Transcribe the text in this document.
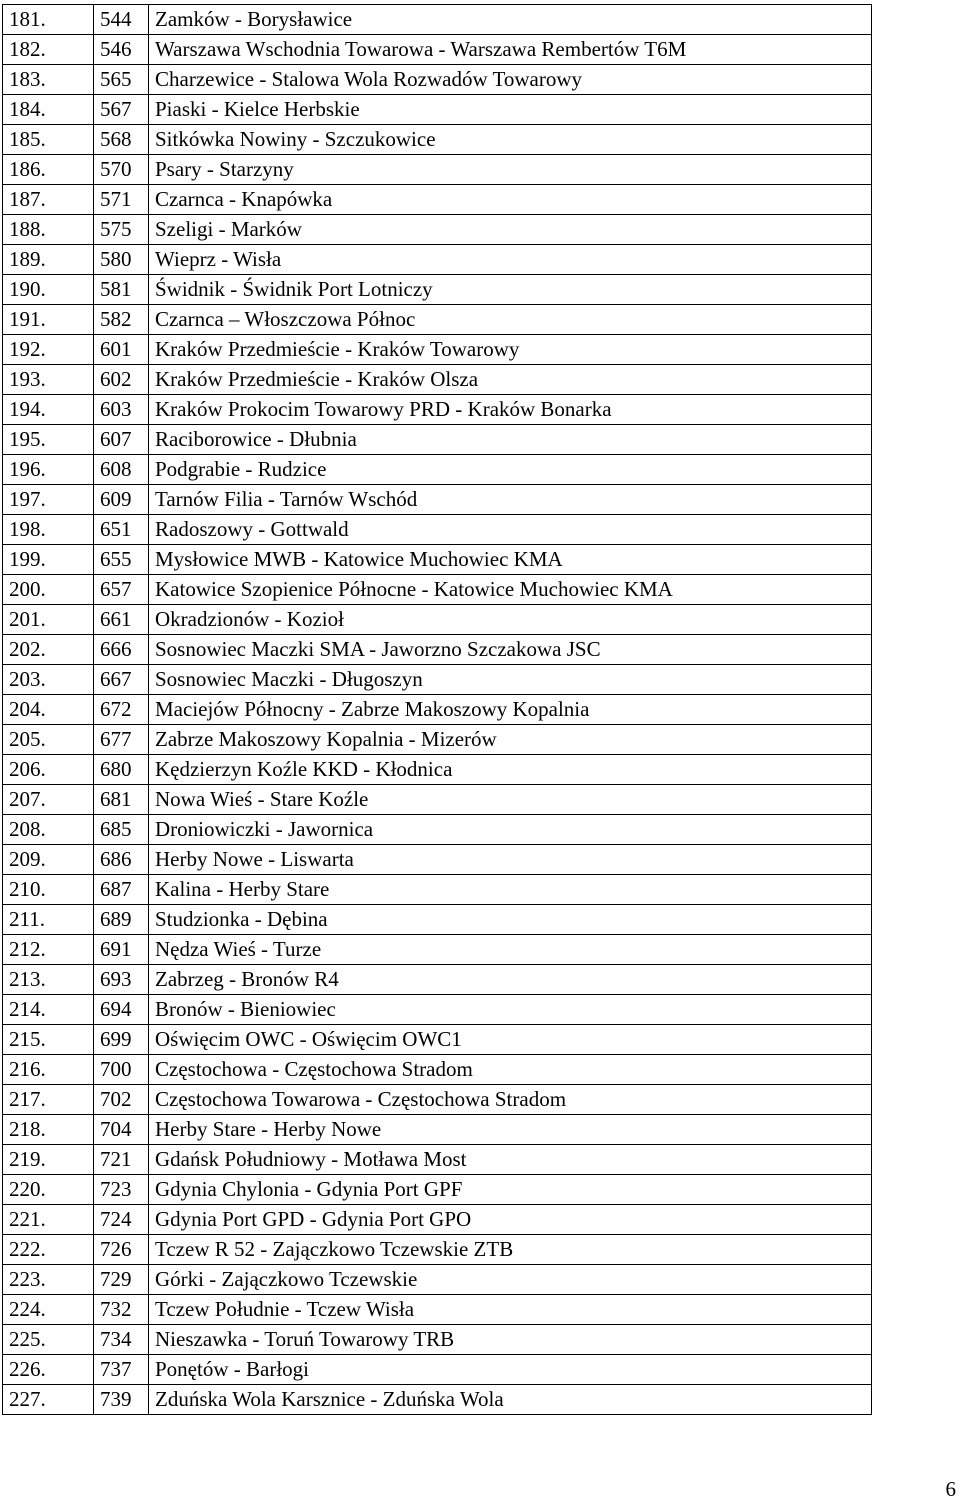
181.	544	Zamków - Borysławice
182.	546	Warszawa Wschodnia Towarowa - Warszawa Rembertów T6M
183.	565	Charzewice - Stalowa Wola Rozwadów Towarowy
184.	567	Piaski - Kielce Herbskie
185.	568	Sitkówka Nowiny - Szczukowice
186.	570	Psary - Starzyny
187.	571	Czarnca - Knapówka
188.	575	Szeligi - Marków
189.	580	Wieprz - Wisła
190.	581	Świdnik - Świdnik Port Lotniczy
191.	582	Czarnca – Włoszczowa Północ
192.	601	Kraków Przedmieście - Kraków Towarowy
193.	602	Kraków Przedmieście - Kraków Olsza
194.	603	Kraków Prokocim Towarowy PRD - Kraków Bonarka
195.	607	Raciborowice - Dłubnia
196.	608	Podgrabie - Rudzice
197.	609	Tarnów Filia - Tarnów Wschód
198.	651	Radoszowy - Gottwald
199.	655	Mysłowice MWB - Katowice Muchowiec KMA
200.	657	Katowice Szopienice Północne - Katowice Muchowiec KMA
201.	661	Okradzionów - Kozioł
202.	666	Sosnowiec Maczki SMA - Jaworzno Szczakowa JSC
203.	667	Sosnowiec Maczki - Długoszyn
204.	672	Maciejów Północny - Zabrze Makoszowy Kopalnia
205.	677	Zabrze Makoszowy Kopalnia - Mizerów
206.	680	Kędzierzyn Koźle KKD - Kłodnica
207.	681	Nowa Wieś - Stare Koźle
208.	685	Droniowiczki - Jawornica
209.	686	Herby Nowe - Liswarta
210.	687	Kalina - Herby Stare
211.	689	Studzionka - Dębina
212.	691	Nędza Wieś - Turze
213.	693	Zabrzeg - Bronów R4
214.	694	Bronów - Bieniowiec
215.	699	Oświęcim OWC - Oświęcim OWC1
216.	700	Częstochowa - Częstochowa Stradom
217.	702	Częstochowa Towarowa - Częstochowa Stradom
218.	704	Herby Stare - Herby Nowe
219.	721	Gdańsk Południowy - Motława Most
220.	723	Gdynia Chylonia - Gdynia Port GPF
221.	724	Gdynia Port GPD - Gdynia Port GPO
222.	726	Tczew R 52 - Zajączkowo Tczewskie ZTB
223.	729	Górki - Zajączkowo Tczewskie
224.	732	Tczew Południe - Tczew Wisła
225.	734	Nieszawka - Toruń Towarowy TRB
226.	737	Ponętów - Barłogi
227.	739	Zduńska Wola Karsznice - Zduńska Wola
6
